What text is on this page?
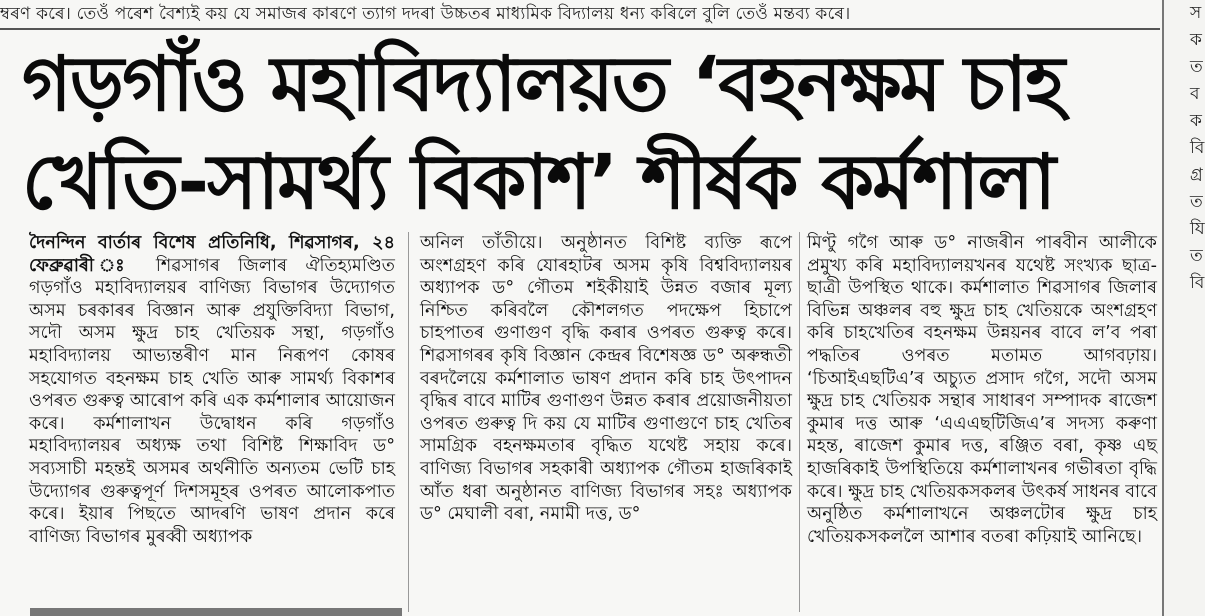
ম্বৰণ কৰে। তেওঁ পৰেশ বৈশ্যই কয় যে সমাজৰ কাৰণে ত্যাগ দদৰা উচ্চতৰ মাধ্যমিক বিদ্যালয় ধন্য কৰিলে বুলি তেওঁ মন্তব্য কৰে।
গড়গাঁও মহাবিদ্যালয়ত ‘বহনক্ষম চাহ
খেতি-সামৰ্থ্য বিকাশ’ শীৰ্ষক কৰ্মশালা
দৈনন্দিন বাৰ্তাৰ বিশেষ প্ৰতিনিধি, শিৱসাগৰ, ২৪ ফেব্ৰুৱাৰী ঃ শিৱসাগৰ জিলাৰ ঐতিহ্যমণ্ডিত গড়গাঁও মহাবিদ্যালয়ৰ বাণিজ্য বিভাগৰ উদ্যোগত অসম চৰকাৰৰ বিজ্ঞান আৰু প্ৰযুক্তিবিদ্যা বিভাগ, সদৌ অসম ক্ষুদ্ৰ চাহ খেতিয়ক সন্থা, গড়গাঁও মহাবিদ্যালয় আভ্যন্তৰীণ মান নিৰূপণ কোষৰ সহযোগত বহনক্ষম চাহ খেতি আৰু সামৰ্থ্য বিকাশৰ ওপৰত গুৰুত্ব আৰোপ কৰি এক কৰ্মশালাৰ আয়োজন কৰে। কৰ্মশালাখন উদ্বোধন কৰি গড়গাঁও মহাবিদ্যালয়ৰ অধ্যক্ষ তথা বিশিষ্ট শিক্ষাবিদ ড° সব্যসাচী মহন্তই অসমৰ অৰ্থনীতি অন্যতম ভেটি চাহ উদ্যোগৰ গুৰুত্বপূৰ্ণ দিশসমূহৰ ওপৰত আলোকপাত কৰে। ইয়াৰ পিছতে আদৰণি ভাষণ প্ৰদান কৰে বাণিজ্য বিভাগৰ মুৰব্বী অধ্যাপক
অনিল তাঁতীয়ে। অনুষ্ঠানত বিশিষ্ট ব্যক্তি ৰূপে অংশগ্ৰহণ কৰি যোৰহাটৰ অসম কৃষি বিশ্ববিদ্যালয়ৰ অধ্যাপক ড° গৌতম শইকীয়াই উন্নত বজাৰ মূল্য নিশ্চিত কৰিবলৈ কৌশলগত পদক্ষেপ হিচাপে চাহপাতৰ গুণাগুণ বৃদ্ধি কৰাৰ ওপৰত গুৰুত্ব কৰে। শিৱসাগৰৰ কৃষি বিজ্ঞান কেন্দ্ৰৰ বিশেষজ্ঞ ড° অৰুন্ধতী বৰদলৈয়ে কৰ্মশালাত ভাষণ প্ৰদান কৰি চাহ উৎপাদন বৃদ্ধিৰ বাবে মাটিৰ গুণাগুণ উন্নত কৰাৰ প্ৰয়োজনীয়তা ওপৰত গুৰুত্ব দি কয় যে মাটিৰ গুণাগুণে চাহ খেতিৰ সামগ্ৰিক বহনক্ষমতাৰ বৃদ্ধিত যথেষ্ট সহায় কৰে। বাণিজ্য বিভাগৰ সহকাৰী অধ্যাপক গৌতম হাজৰিকাই আঁত ধৰা অনুষ্ঠানত বাণিজ্য বিভাগৰ সহঃ অধ্যাপক ড° মেঘালী বৰা, নমামী দত্ত, ড°
মিণ্টু গগৈ আৰু ড° নাজৰীন পাৰবীন আলীকে প্ৰমুখ্য কৰি মহাবিদ্যালয়খনৰ যথেষ্ট সংখ্যক ছাত্ৰ-ছাত্ৰী উপস্থিত থাকে। কৰ্মশালাত শিৱসাগৰ জিলাৰ বিভিন্ন অঞ্চলৰ বহু ক্ষুদ্ৰ চাহ খেতিয়কে অংশগ্ৰহণ কৰি চাহখেতিৰ বহনক্ষম উন্নয়নৰ বাবে ল’ব পৰা পদ্ধতিৰ ওপৰত মতামত আগবঢ়ায়। ‘চিআইএছটিএ’ৰ অচ্যুত প্ৰসাদ গগৈ, সদৌ অসম ক্ষুদ্ৰ চাহ খেতিয়ক সন্থাৰ সাধাৰণ সম্পাদক ৰাজেশ কুমাৰ দত্ত আৰু ‘এএএছটিজিএ’ৰ সদস্য কৰুণা মহন্ত, ৰাজেশ কুমাৰ দত্ত, ৰঞ্জিত বৰা, কৃষ্ণ এছ হাজৰিকাই উপস্থিতিয়ে কৰ্মশালাখনৰ গভীৰতা বৃদ্ধি কৰে। ক্ষুদ্ৰ চাহ খেতিয়কসকলৰ উৎকৰ্ষ সাধনৰ বাবে অনুষ্ঠিত কৰ্মশালাখনে অঞ্চলটোৰ ক্ষুদ্ৰ চাহ খেতিয়কসকললৈ আশাৰ বতৰা কঢ়িয়াই আনিছে।
স
ক
ত
ব
ক
বি
গ্ৰ
ত
যি
ত
বি
